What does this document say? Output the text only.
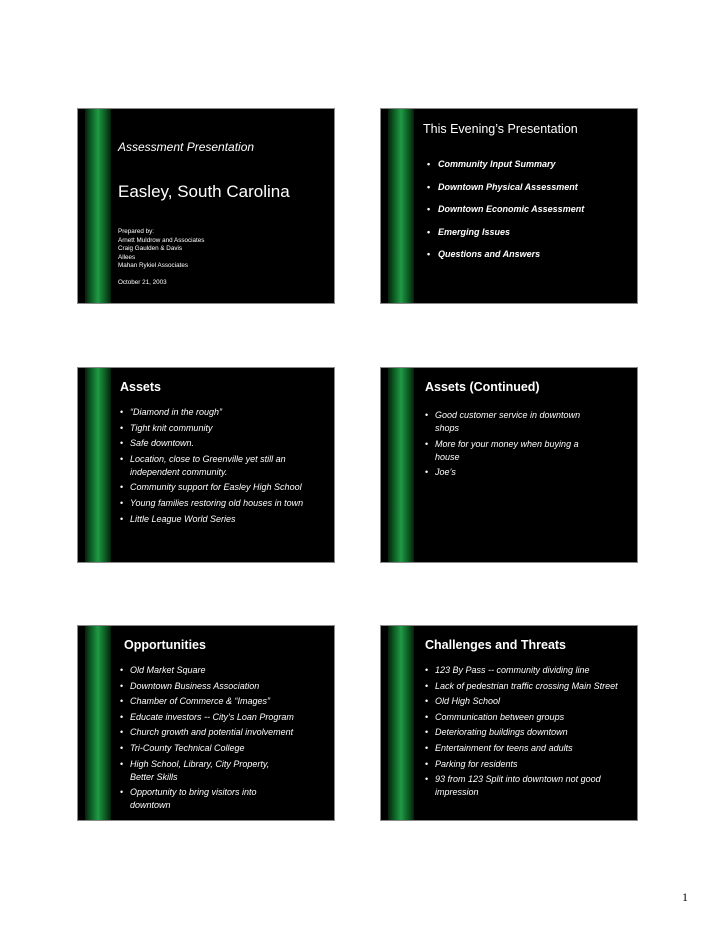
Assessment Presentation
Easley, South Carolina
Prepared by:
Arnett Muldrow and Associates
Craig Gaulden & Davis
Allees
Mahan Rykiel Associates
October 21, 2003
This Evening’s Presentation
• Community Input Summary
• Downtown Physical Assessment
• Downtown Economic Assessment
• Emerging Issues
• Questions and Answers
Assets
• “Diamond in the rough”
• Tight knit community
• Safe downtown.
• Location, close to Greenville yet still an independent community.
• Community support for Easley High School
• Young families restoring old houses in town
• Little League World Series
Assets (Continued)
• Good customer service in downtown shops
• More for your money when buying a house
• Joe’s
Opportunities
• Old Market Square
• Downtown Business Association
• Chamber of Commerce & “Images”
• Educate investors -- City’s Loan Program
• Church growth and potential involvement
• Tri-County Technical College
• High School, Library, City Property, Better Skills
• Opportunity to bring visitors into downtown
Challenges and Threats
• 123 By Pass -- community dividing line
• Lack of pedestrian traffic crossing Main Street
• Old High School
• Communication between groups
• Deteriorating buildings downtown
• Entertainment for teens and adults
• Parking for residents
• 93 from 123 Split into downtown not good impression
1
